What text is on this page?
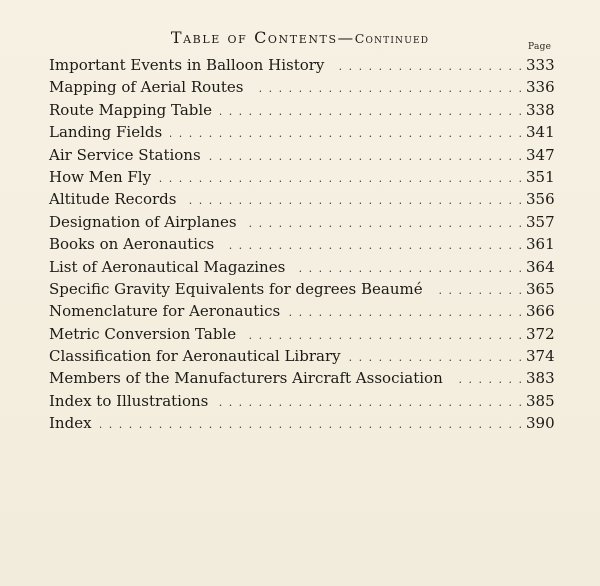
Table of Contents—Continued
Page
Important Events in Balloon History . . .	333
Mapping of Aerial Routes . . .	336
Route Mapping Table . . .	338
Landing Fields . . .	341
Air Service Stations . . .	347
How Men Fly . . .	351
Altitude Records . . .	356
Designation of Airplanes . . .	357
Books on Aeronautics . . .	361
List of Aeronautical Magazines . . .	364
Specific Gravity Equivalents for degrees Beaumé . . .	365
Nomenclature for Aeronautics . . .	366
Metric Conversion Table . . .	372
Classification for Aeronautical Library . . .	374
Members of the Manufacturers Aircraft Association . . .	383
Index to Illustrations . . .	385
Index . . .	390
